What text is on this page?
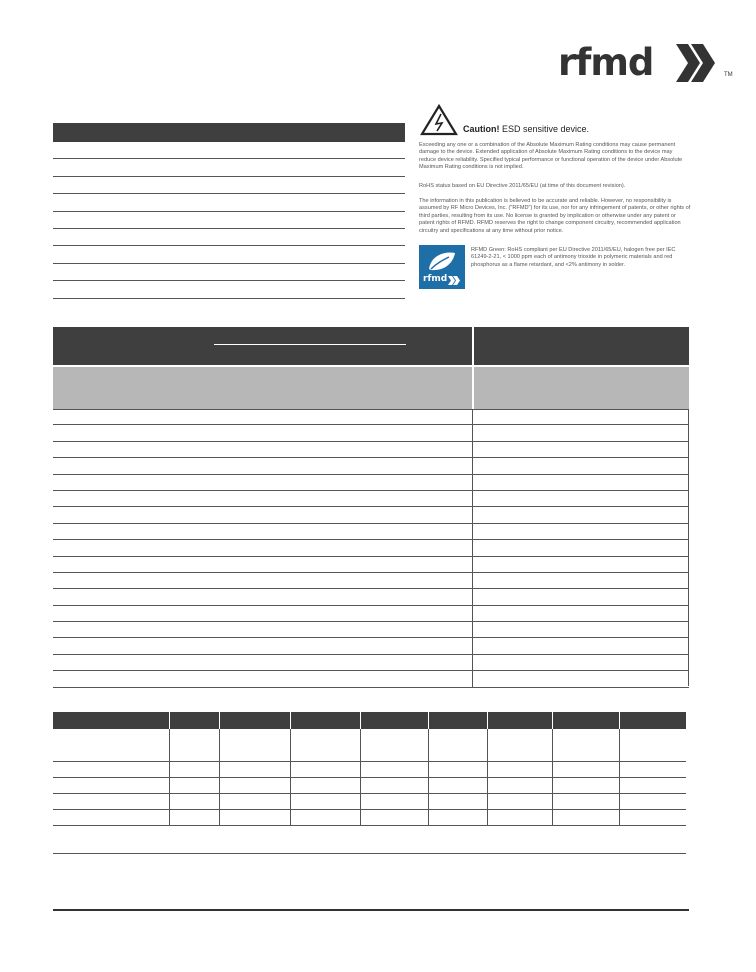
rfmd	TM
Caution! ESD sensitive device.
Exceeding any one or a combination of the Absolute Maximum Rating conditions may cause permanent damage to the device. Extended application of Absolute Maximum Rating conditions to the device may reduce device reliability. Specified typical performance or functional operation of the device under Absolute Maximum Rating conditions is not implied.
RoHS status based on EU Directive 2011/65/EU (at time of this document revision).
The information in this publication is believed to be accurate and reliable. However, no responsibility is assumed by RF Micro Devices, Inc. ("RFMD") for its use, nor for any infringement of patents, or other rights of third parties, resulting from its use. No license is granted by implication or otherwise under any patent or patent rights of RFMD. RFMD reserves the right to change component circuitry, recommended application circuitry and specifications at any time without prior notice.
rfmd
RFMD Green: RoHS compliant per EU Directive 2011/65/EU, halogen free per IEC 61249-2-21, < 1000 ppm each of antimony trioxide in polymeric materials and red phosphorus as a flame retardant, and <2% antimony in solder.
